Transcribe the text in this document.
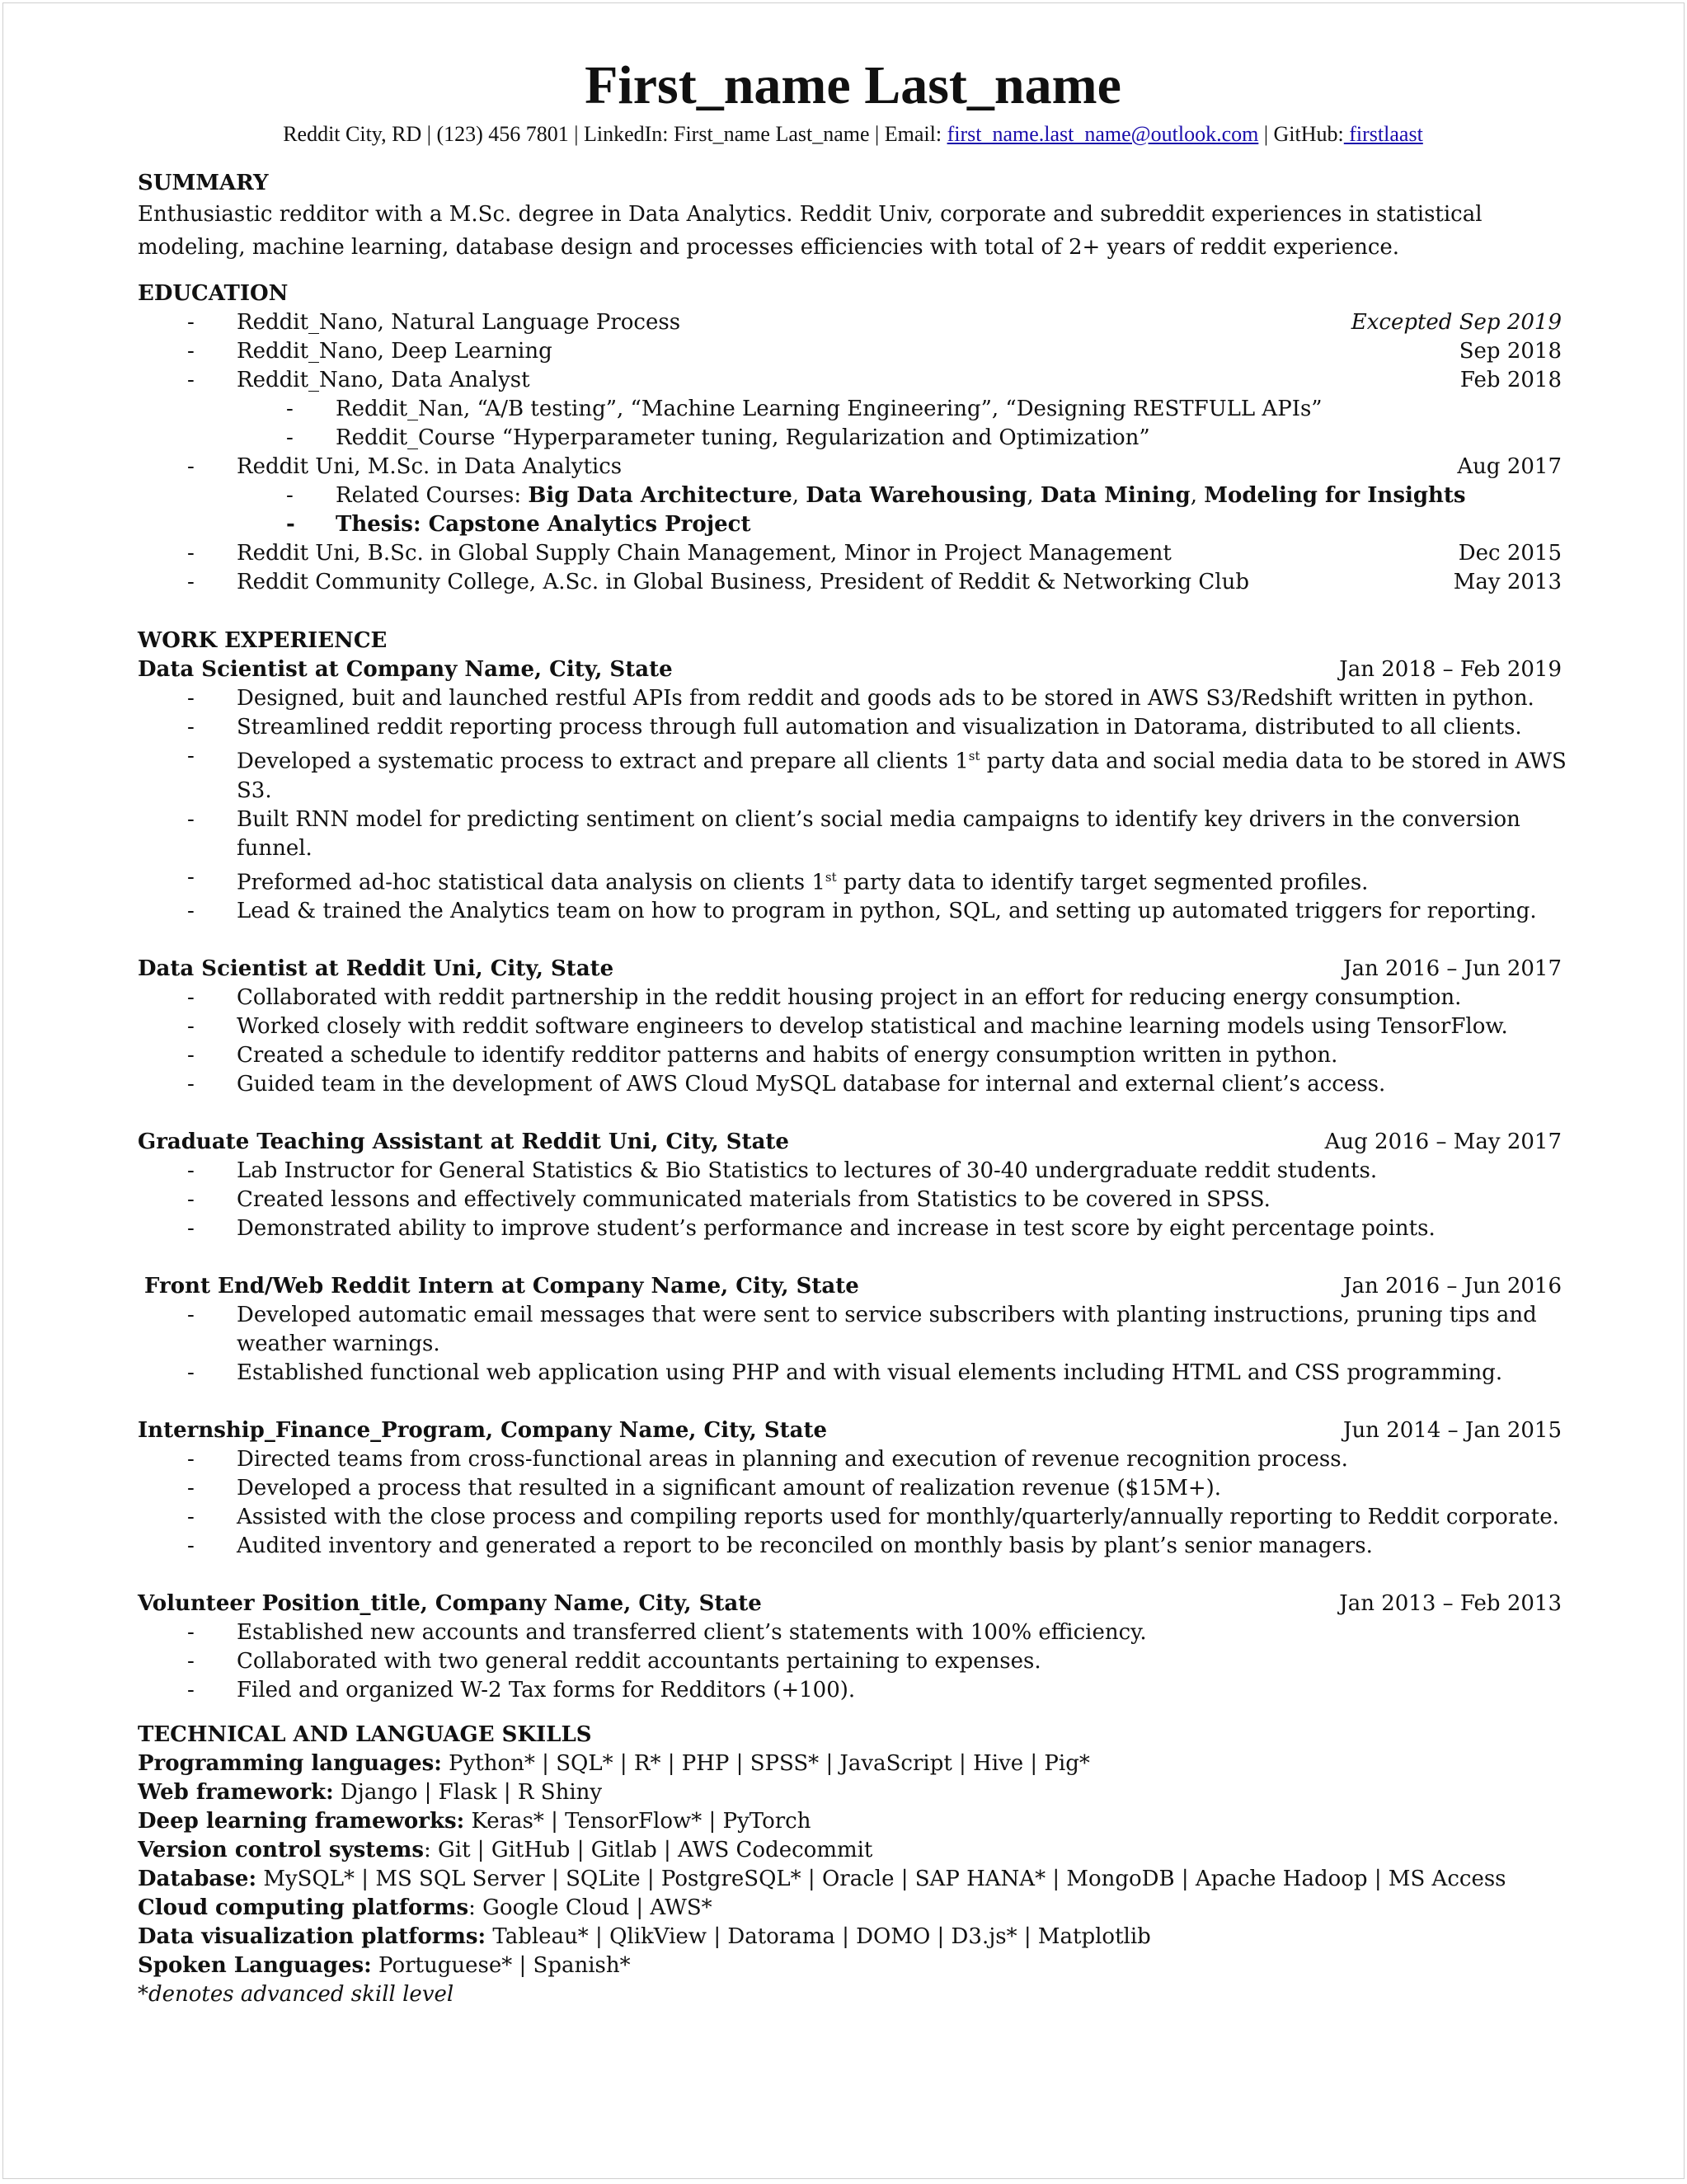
First_name Last_name
Reddit City, RD | (123) 456 7801 | LinkedIn: First_name Last_name | Email: first_name.last_name@outlook.com | GitHub: firstlaast
SUMMARY
Enthusiastic redditor with a M.Sc. degree in Data Analytics. Reddit Univ, corporate and subreddit experiences in statistical modeling, machine learning, database design and processes efficiencies with total of 2+ years of reddit experience.
EDUCATION
- Reddit_Nano, Natural Language Process	Excepted Sep 2019
- Reddit_Nano, Deep Learning	Sep 2018
- Reddit_Nano, Data Analyst	Feb 2018
- Reddit_Nan, “A/B testing”, “Machine Learning Engineering”, “Designing RESTFULL APIs”
- Reddit_Course “Hyperparameter tuning, Regularization and Optimization”
- Reddit Uni, M.Sc. in Data Analytics	Aug 2017
- Related Courses: Big Data Architecture, Data Warehousing, Data Mining, Modeling for Insights
- Thesis: Capstone Analytics Project
- Reddit Uni, B.Sc. in Global Supply Chain Management, Minor in Project Management	Dec 2015
- Reddit Community College, A.Sc. in Global Business, President of Reddit & Networking Club	May 2013
WORK EXPERIENCE
Data Scientist at Company Name, City, State	Jan 2018 – Feb 2019
- Designed, buit and launched restful APIs from reddit and goods ads to be stored in AWS S3/Redshift written in python.
- Streamlined reddit reporting process through full automation and visualization in Datorama, distributed to all clients.
- Developed a systematic process to extract and prepare all clients 1st party data and social media data to be stored in AWS S3.
- Built RNN model for predicting sentiment on client’s social media campaigns to identify key drivers in the conversion funnel.
- Preformed ad-hoc statistical data analysis on clients 1st party data to identify target segmented profiles.
- Lead & trained the Analytics team on how to program in python, SQL, and setting up automated triggers for reporting.
Data Scientist at Reddit Uni, City, State	Jan 2016 – Jun 2017
- Collaborated with reddit partnership in the reddit housing project in an effort for reducing energy consumption.
- Worked closely with reddit software engineers to develop statistical and machine learning models using TensorFlow.
- Created a schedule to identify redditor patterns and habits of energy consumption written in python.
- Guided team in the development of AWS Cloud MySQL database for internal and external client’s access.
Graduate Teaching Assistant at Reddit Uni, City, State	Aug 2016 – May 2017
- Lab Instructor for General Statistics & Bio Statistics to lectures of 30-40 undergraduate reddit students.
- Created lessons and effectively communicated materials from Statistics to be covered in SPSS.
- Demonstrated ability to improve student’s performance and increase in test score by eight percentage points.
Front End/Web Reddit Intern at Company Name, City, State	Jan 2016 – Jun 2016
- Developed automatic email messages that were sent to service subscribers with planting instructions, pruning tips and weather warnings.
- Established functional web application using PHP and with visual elements including HTML and CSS programming.
Internship_Finance_Program, Company Name, City, State	Jun 2014 – Jan 2015
- Directed teams from cross-functional areas in planning and execution of revenue recognition process.
- Developed a process that resulted in a significant amount of realization revenue ($15M+).
- Assisted with the close process and compiling reports used for monthly/quarterly/annually reporting to Reddit corporate.
- Audited inventory and generated a report to be reconciled on monthly basis by plant’s senior managers.
Volunteer Position_title, Company Name, City, State	Jan 2013 – Feb 2013
- Established new accounts and transferred client’s statements with 100% efficiency.
- Collaborated with two general reddit accountants pertaining to expenses.
- Filed and organized W-2 Tax forms for Redditors (+100).
TECHNICAL AND LANGUAGE SKILLS
Programming languages: Python* | SQL* | R* | PHP | SPSS* | JavaScript | Hive | Pig*
Web framework: Django | Flask | R Shiny
Deep learning frameworks: Keras* | TensorFlow* | PyTorch
Version control systems: Git | GitHub | Gitlab | AWS Codecommit
Database: MySQL* | MS SQL Server | SQLite | PostgreSQL* | Oracle | SAP HANA* | MongoDB | Apache Hadoop | MS Access
Cloud computing platforms: Google Cloud | AWS*
Data visualization platforms: Tableau* | QlikView | Datorama | DOMO | D3.js* | Matplotlib
Spoken Languages: Portuguese* | Spanish*
*denotes advanced skill level
